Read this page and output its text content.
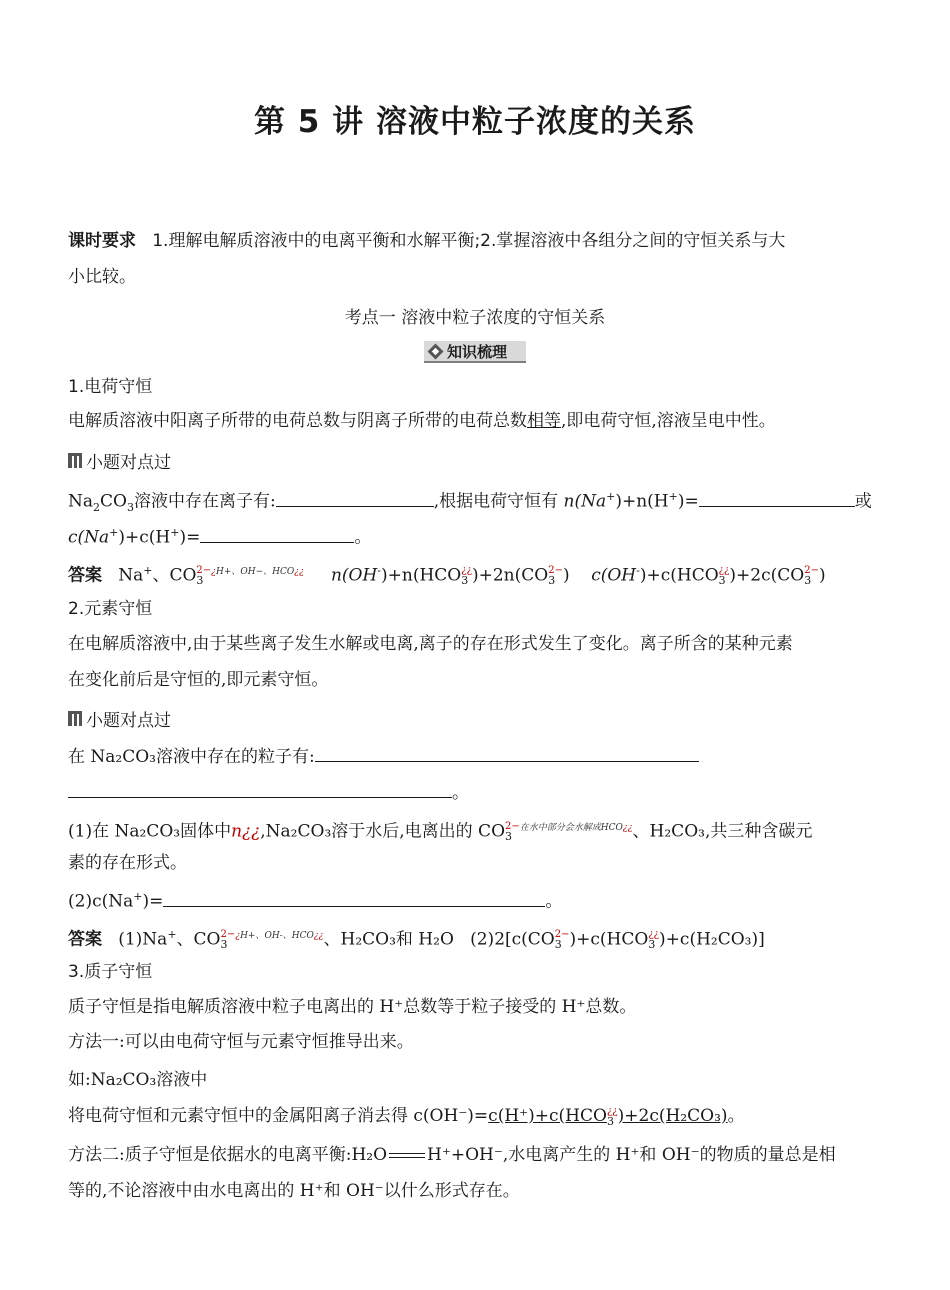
第 5 讲 溶液中粒子浓度的关系
课时要求 1.理解电解质溶液中的电离平衡和水解平衡;2.掌握溶液中各组分之间的守恒关系与大
小比较。
考点一 溶液中粒子浓度的守恒关系
知识梳理
1.电荷守恒
电解质溶液中阳离子所带的电荷总数与阴离子所带的电荷总数相等,即电荷守恒,溶液呈电中性。
小题对点过
$Na_2CO_3$溶液中存在离子有:	,根据电荷守恒有 n(Na+)+n(H+)=	或
c(Na+)+c(H+)=	。
答案 Na+、CO 2−
3
$^{¿H+、OH-、HCO¿¿}$ n(OH-)+n(HCO ¿¿
3 )+2n(CO 2−
3 ) c(OH-)+c(HCO ¿¿
3 )+2c(CO 2−
3 )
2.元素守恒
在电解质溶液中,由于某些离子发生水解或电离,离子的存在形式发生了变化。离子所含的某种元素
在变化前后是守恒的,即元素守恒。
小题对点过
在 Na₂CO₃溶液中存在的粒子有:
。
(1)在 Na₂CO₃固体中n¿¿,Na₂CO₃溶于水后,电离出的 CO 2−
3
$^{在水中部分会水解成HCO¿¿}$、H₂CO₃,共三种含碳元
素的存在形式。
(2)c(Na+)=	。
答案 (1)Na+、CO 2−
3
$^{¿H+、OH-、HCO¿¿}$、H₂CO₃和 H₂O (2)2[c(CO 2−
3 )+c(HCO ¿¿
3 )+c(H₂CO₃)]
3.质子守恒
质子守恒是指电解质溶液中粒子电离出的 H⁺总数等于粒子接受的 H⁺总数。
方法一:可以由电荷守恒与元素守恒推导出来。
如:Na₂CO₃溶液中
将电荷守恒和元素守恒中的金属阳离子消去得 c(OH⁻)=c(H⁺)+c(HCO ¿¿
3 )+2c(H₂CO₃)。
方法二:质子守恒是依据水的电离平衡:H₂O H⁺+OH⁻,水电离产生的 H⁺和 OH⁻的物质的量总是相
等的,不论溶液中由水电离出的 H⁺和 OH⁻以什么形式存在。
